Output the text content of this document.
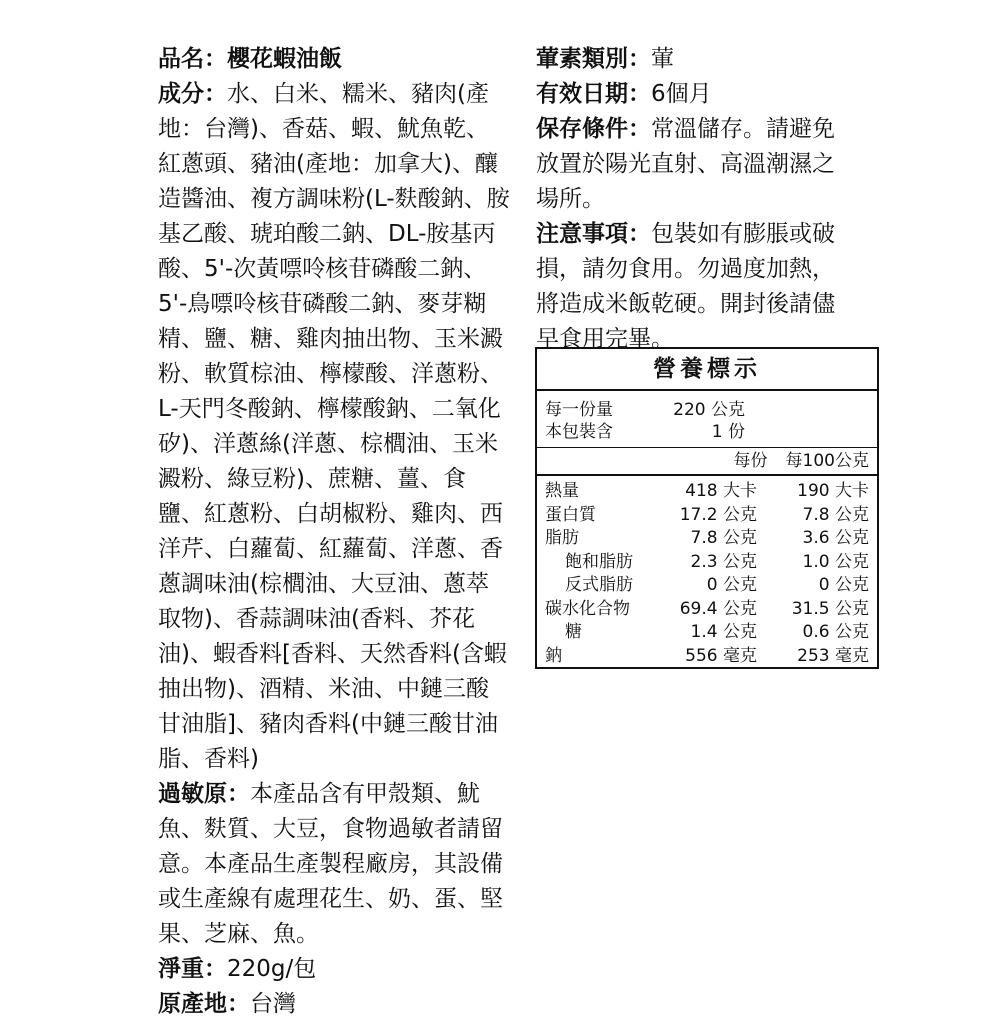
品名：櫻花蝦油飯
成分：水、白米、糯米、豬肉(產
地：台灣)、香菇、蝦、魷魚乾、
紅蔥頭、豬油(產地：加拿大)、釀
造醬油、複方調味粉(L-麩酸鈉、胺
基乙酸、琥珀酸二鈉、DL-胺基丙
酸、5'-次黃嘌呤核苷磷酸二鈉、
5'-鳥嘌呤核苷磷酸二鈉、麥芽糊
精、鹽、糖、雞肉抽出物、玉米澱
粉、軟質棕油、檸檬酸、洋蔥粉、
L-天門冬酸鈉、檸檬酸鈉、二氧化
矽)、洋蔥絲(洋蔥、棕櫚油、玉米
澱粉、綠豆粉)、蔗糖、薑、食
鹽、紅蔥粉、白胡椒粉、雞肉、西
洋芹、白蘿蔔、紅蘿蔔、洋蔥、香
蔥調味油(棕櫚油、大豆油、蔥萃
取物)、香蒜調味油(香料、芥花
油)、蝦香料[香料、天然香料(含蝦
抽出物)、酒精、米油、中鏈三酸
甘油脂]、豬肉香料(中鏈三酸甘油
脂、香料)
過敏原：本產品含有甲殼類、魷
魚、麩質、大豆，食物過敏者請留
意。本產品生產製程廠房，其設備
或生產線有處理花生、奶、蛋、堅
果、芝麻、魚。
淨重：220g/包
原產地：台灣
葷素類別：葷
有效日期：6個月
保存條件：常溫儲存。請避免
放置於陽光直射、高溫潮濕之
場所。
注意事項：包裝如有膨脹或破
損，請勿食用。勿過度加熱，
將造成米飯乾硬。開封後請儘
早食用完畢。
營養標示
每一份量	220 公克
本包裝含	1 份
每份 每100公克
熱量	418 大卡	190 大卡
蛋白質	17.2 公克	7.8 公克
脂肪	7.8 公克	3.6 公克
飽和脂肪	2.3 公克	1.0 公克
反式脂肪	0 公克	0 公克
碳水化合物	69.4 公克	31.5 公克
糖	1.4 公克	0.6 公克
鈉	556 毫克	253 毫克
